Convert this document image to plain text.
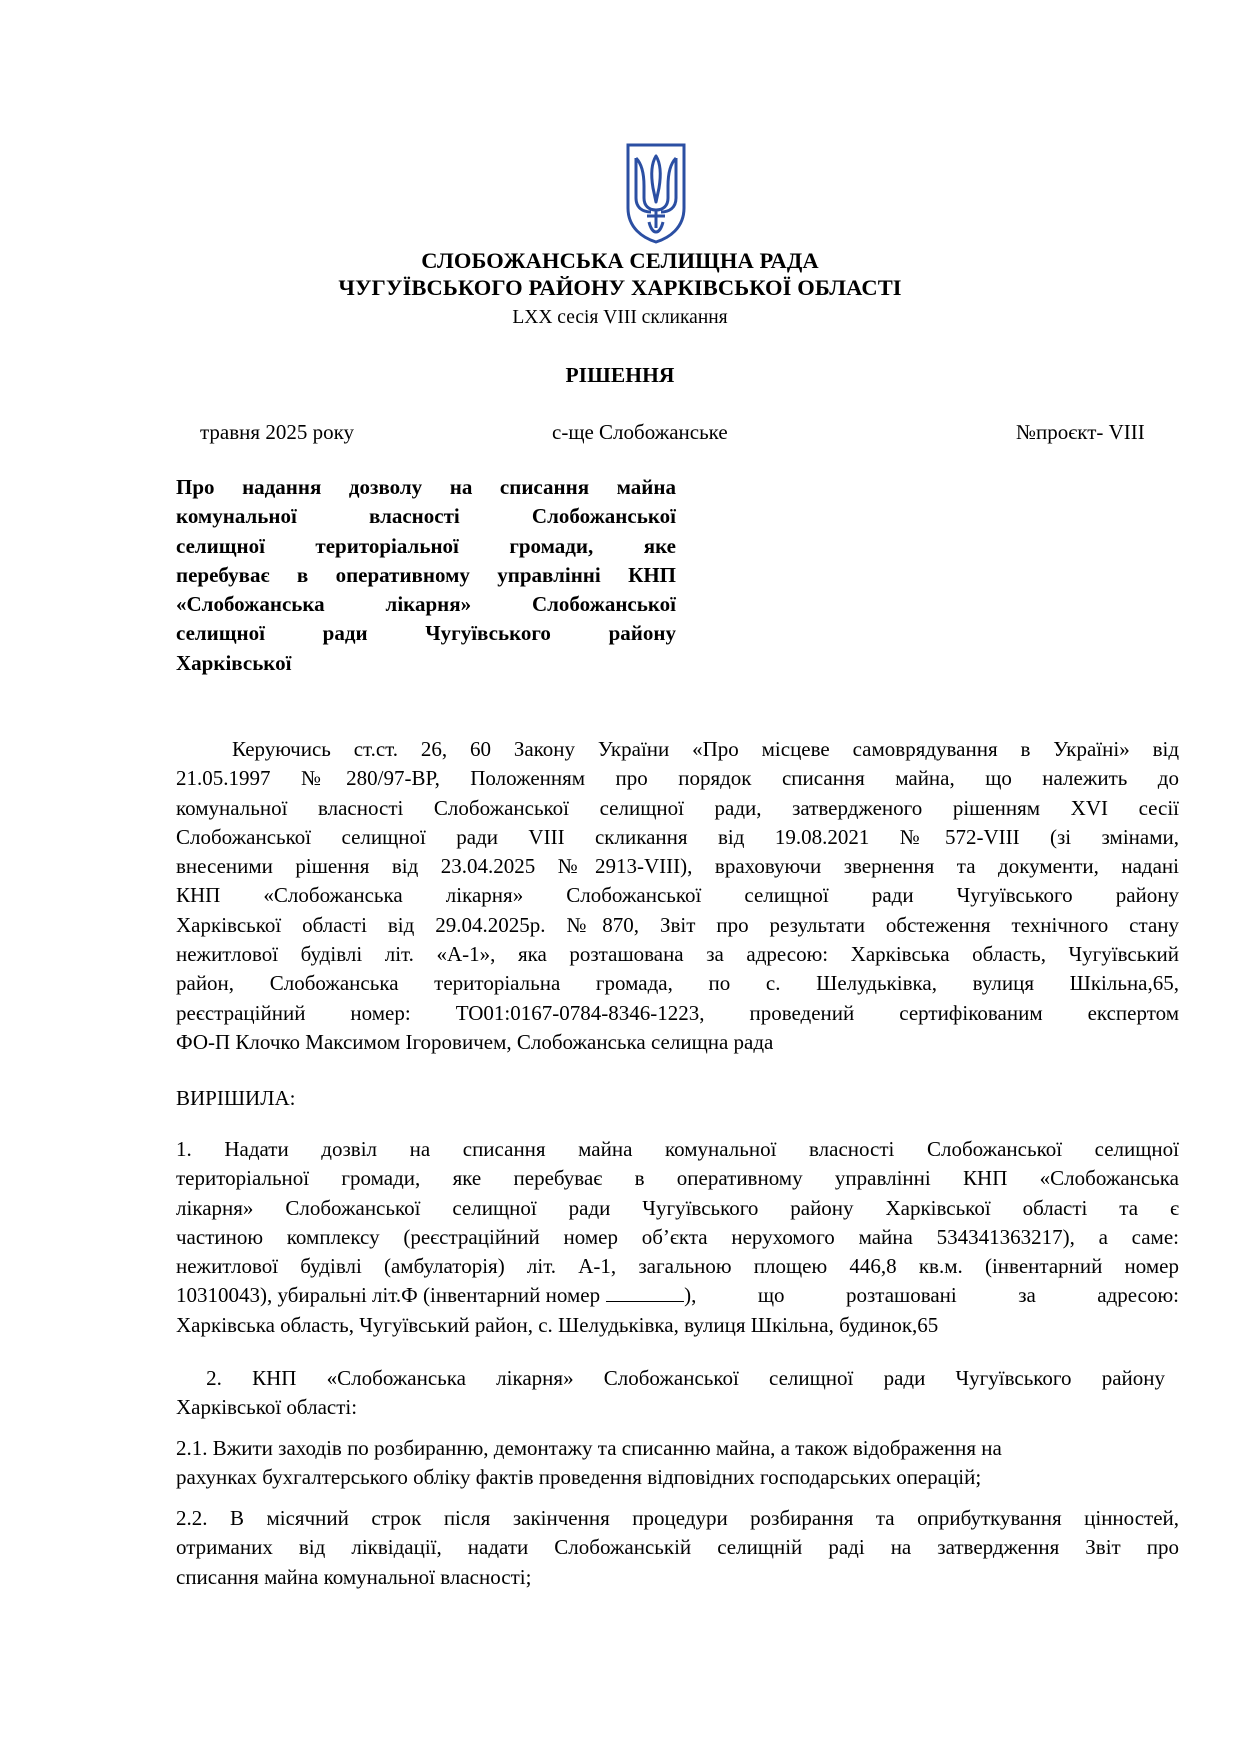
СЛОБОЖАНСЬКА СЕЛИЩНА РАДА
ЧУГУЇВСЬКОГО РАЙОНУ ХАРКІВСЬКОЇ ОБЛАСТІ
LXX сесія VIII скликання
РІШЕННЯ
травня 2025 року	с-ще Слобожанське	№проєкт- VIII
Про надання дозволу на списання майна
комунальної власності Слобожанської
селищної територіальної громади, яке
перебуває в оперативному управлінні КНП
«Слобожанська лікарня» Слобожанської
селищної ради Чугуївського району
Харківської
Керуючись ст.ст. 26, 60 Закону України «Про місцеве самоврядування в Україні» від
21.05.1997 №280/97-ВР, Положенням про порядок списання майна, що належить до
комунальної власності Слобожанської селищної ради, затвердженого рішенням XVI сесії
Слобожанської селищної ради VIII скликання від 19.08.2021 №572-VIII (зі змінами,
внесеними рішення від 23.04.2025 №2913-VIII), враховуючи звернення та документи, надані
КНП «Слобожанська лікарня» Слобожанської селищної ради Чугуївського району
Харківської області від 29.04.2025р. №870, Звіт про результати обстеження технічного стану
нежитлової будівлі літ. «А-1», яка розташована за адресою: Харківська область, Чугуївський
район, Слобожанська територіальна громада, по с. Шелудьківка, вулиця Шкільна,65,
реєстраційний номер: ТО01:0167-0784-8346-1223, проведений сертифікованим експертом
ФО-П Клочко Максимом Ігоровичем, Слобожанська селищна рада
ВИРІШИЛА:
1. Надати дозвіл на списання майна комунальної власності Слобожанської селищної
територіальної громади, яке перебуває в оперативному управлінні КНП «Слобожанська
лікарня» Слобожанської селищної ради Чугуївського району Харківської області та є
частиною комплексу (реєстраційний номер об’єкта нерухомого майна 534341363217), а саме:
нежитлової будівлі (амбулаторія) літ. А-1, загальною площею 446,8 кв.м. (інвентарний номер
10310043), убиральні літ.Ф (інвентарний номер	), що розташовані за адресою:
Харківська область, Чугуївський район, с. Шелудьківка, вулиця Шкільна, будинок,65
2. КНП «Слобожанська лікарня» Слобожанської селищної ради Чугуївського району
Харківської області:
2.1. Вжити заходів по розбиранню, демонтажу та списанню майна, а також відображення на
рахунках бухгалтерського обліку фактів проведення відповідних господарських операцій;
2.2. В місячний строк після закінчення процедури розбирання та оприбуткування цінностей,
отриманих від ліквідації, надати Слобожанській селищній раді на затвердження Звіт про
списання майна комунальної власності;
